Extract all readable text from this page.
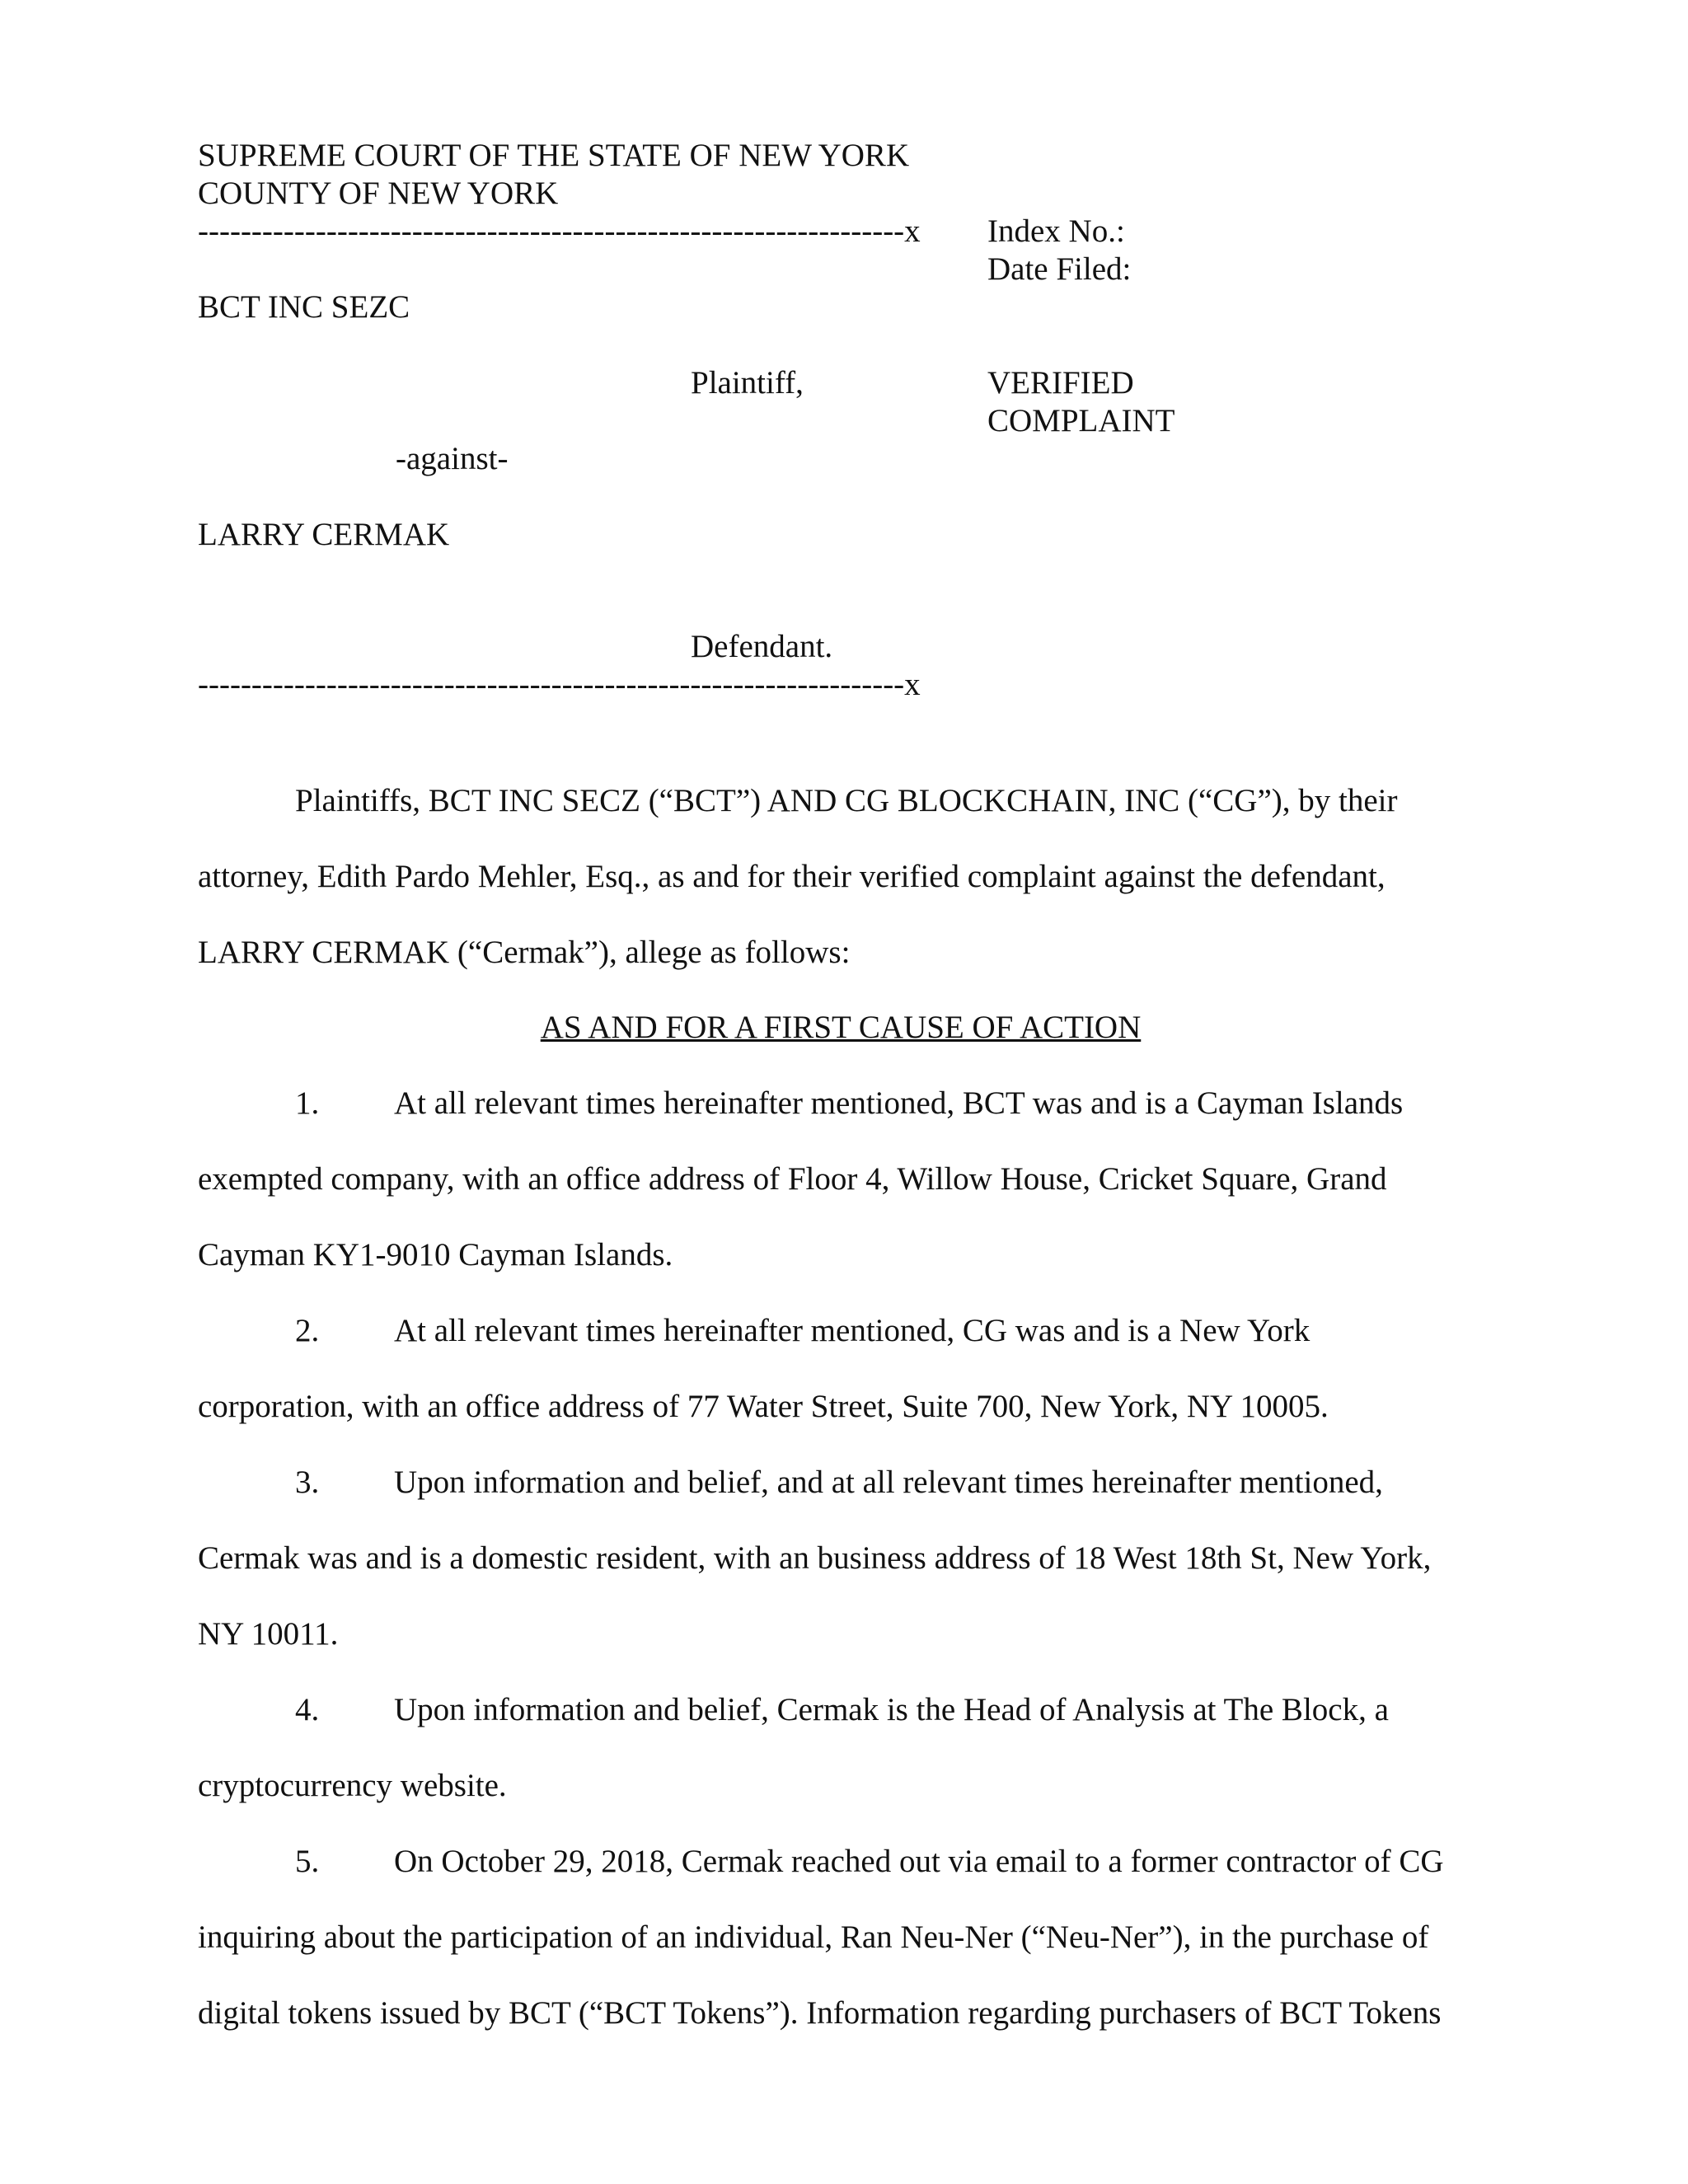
SUPREME COURT OF THE STATE OF NEW YORK
COUNTY OF NEW YORK
------------------------------------------------------------------x Index No.:
Date Filed:
BCT INC SEZC
Plaintiff,	VERIFIED
COMPLAINT
-against-
LARRY CERMAK
Defendant.
------------------------------------------------------------------x
Plaintiffs, BCT INC SECZ (“BCT”) AND CG BLOCKCHAIN, INC (“CG”), by their
attorney, Edith Pardo Mehler, Esq., as and for their verified complaint against the defendant,
LARRY CERMAK (“Cermak”), allege as follows:
AS AND FOR A FIRST CAUSE OF ACTION
1. At all relevant times hereinafter mentioned, BCT was and is a Cayman Islands
exempted company, with an office address of Floor 4, Willow House, Cricket Square, Grand
Cayman KY1-9010 Cayman Islands.
2. At all relevant times hereinafter mentioned, CG was and is a New York
corporation, with an office address of 77 Water Street, Suite 700, New York, NY 10005.
3. Upon information and belief, and at all relevant times hereinafter mentioned,
Cermak was and is a domestic resident, with an business address of 18 West 18th St, New York,
NY 10011.
4. Upon information and belief, Cermak is the Head of Analysis at The Block, a
cryptocurrency website.
5. On October 29, 2018, Cermak reached out via email to a former contractor of CG
inquiring about the participation of an individual, Ran Neu-Ner (“Neu-Ner”), in the purchase of
digital tokens issued by BCT (“BCT Tokens”). Information regarding purchasers of BCT Tokens
